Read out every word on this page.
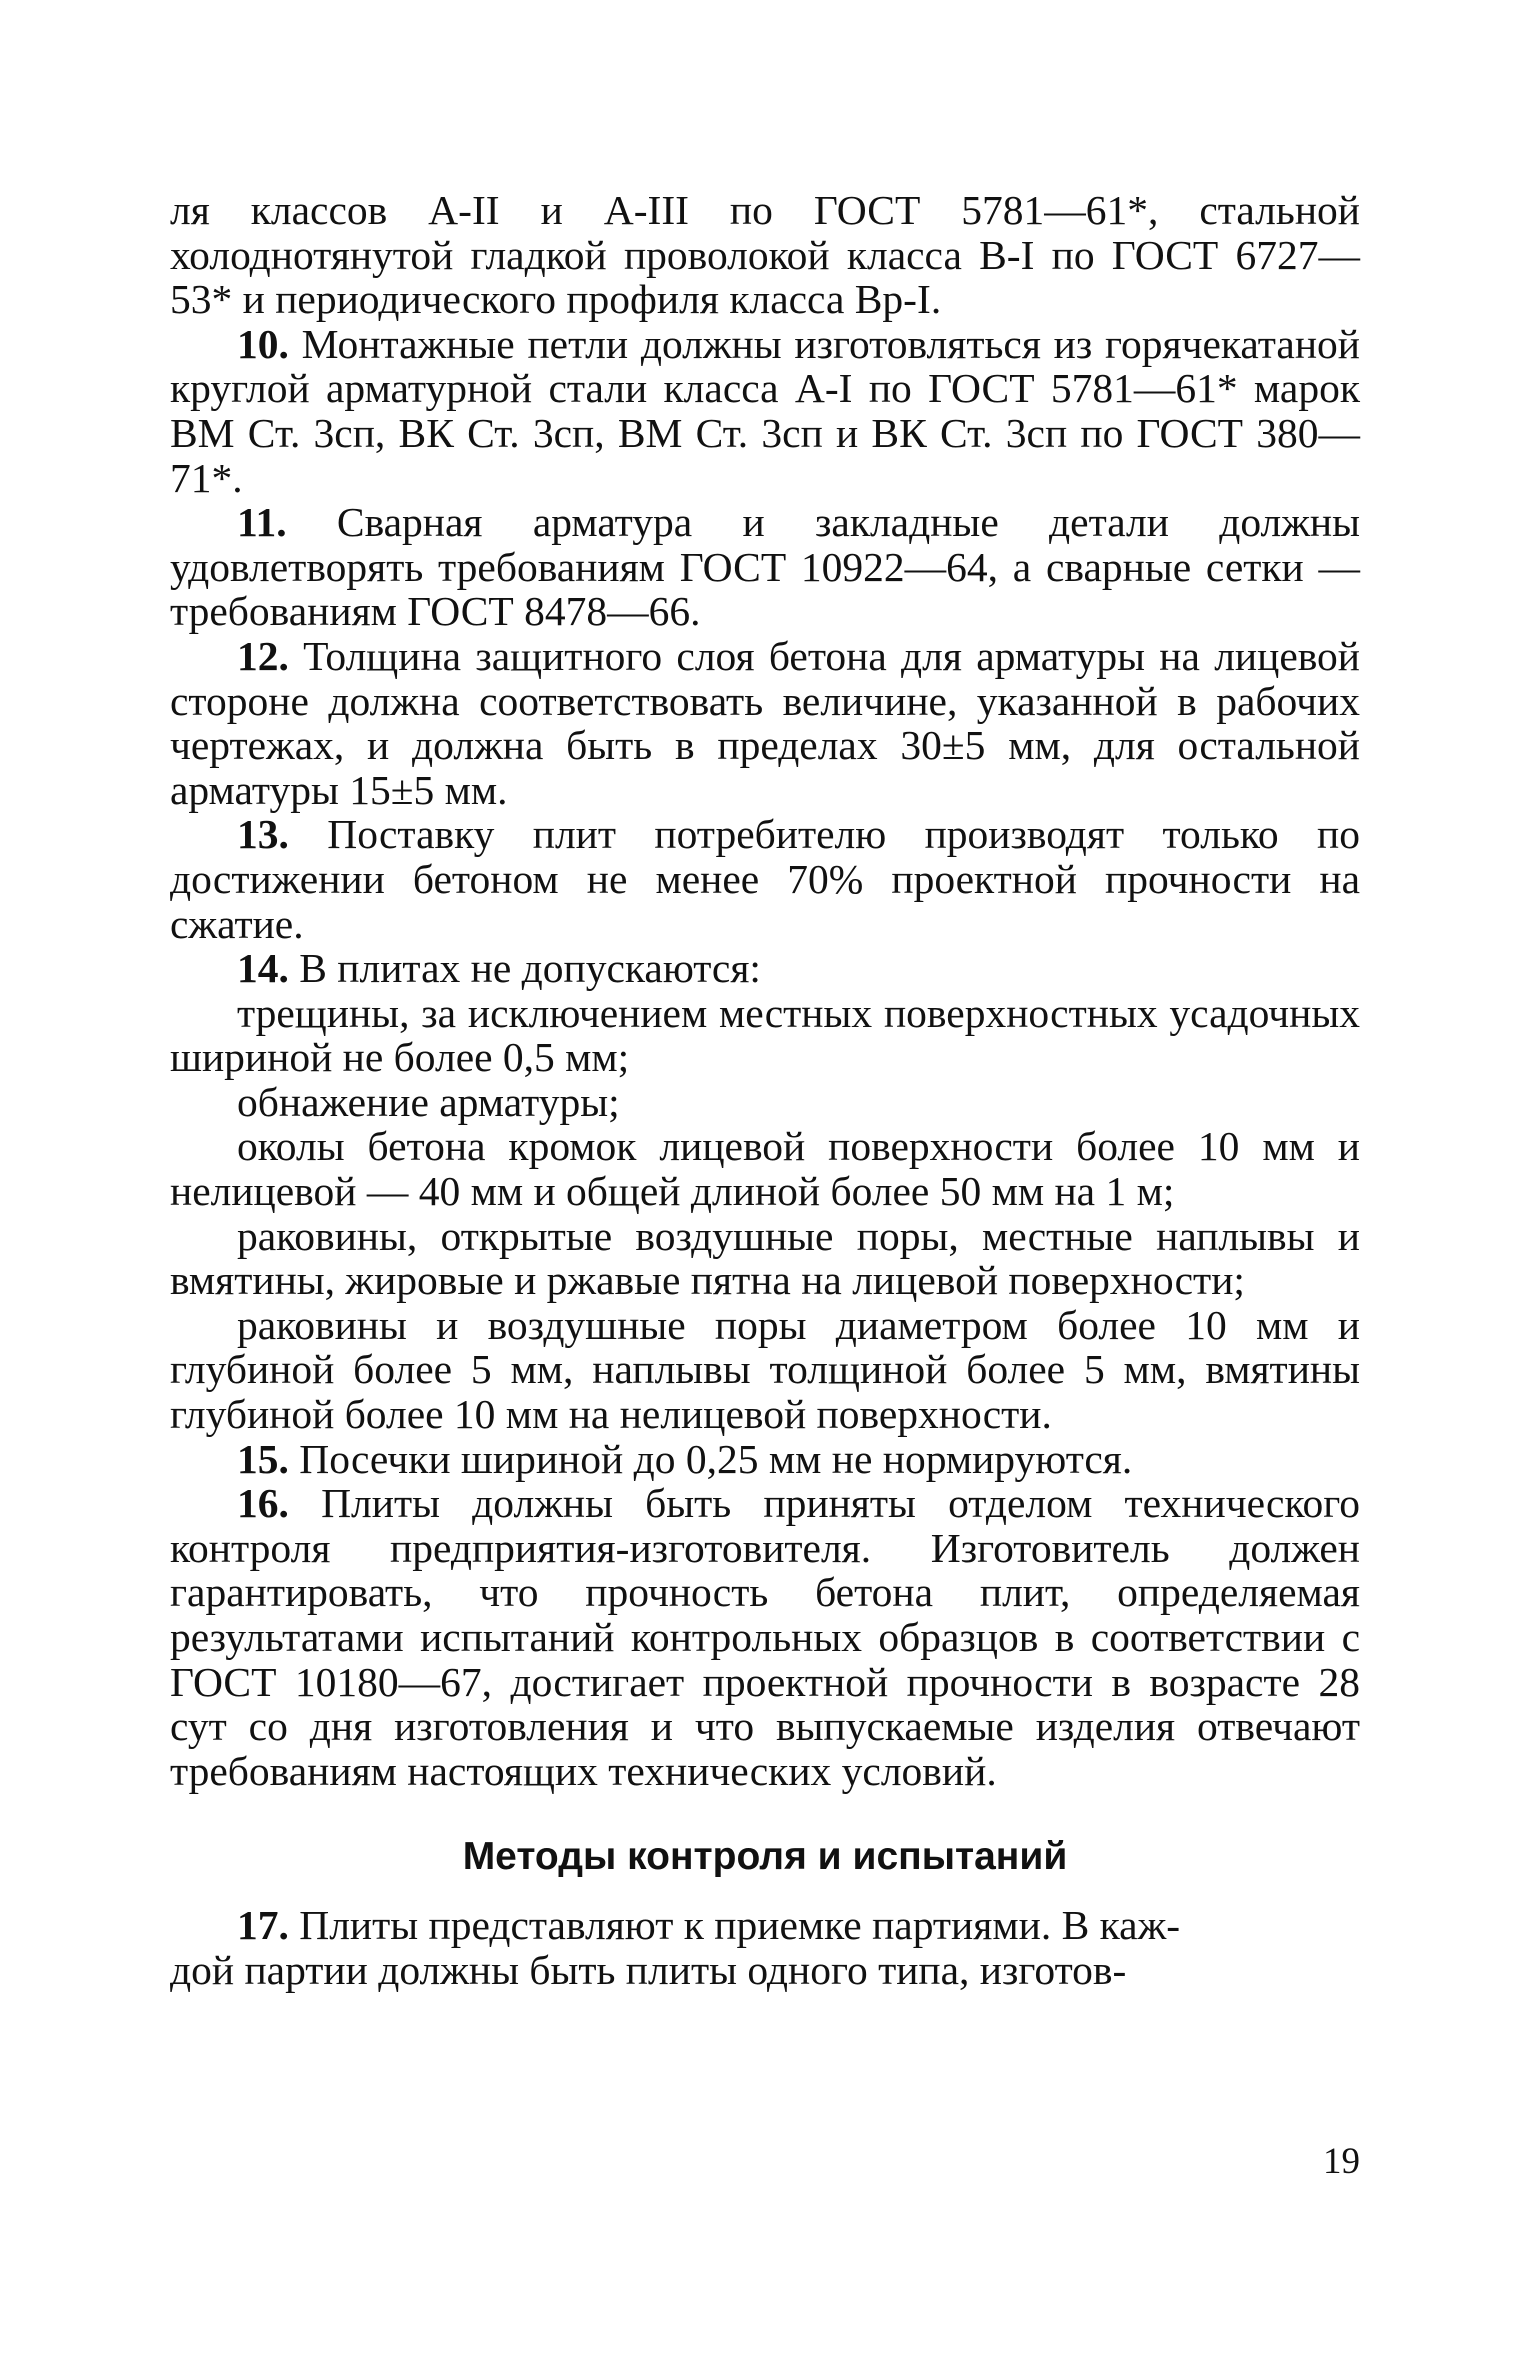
ля классов А-II и А-III по ГОСТ 5781—61*, стальной холоднотянутой гладкой проволокой класса В-I по ГОСТ 6727—53* и периодического профиля класса Вр-I.

10. Монтажные петли должны изготовляться из горячекатаной круглой арматурной стали класса А-I по ГОСТ 5781—61* марок ВМ Ст. 3сп, ВК Ст. 3сп, ВМ Ст. 3сп и ВК Ст. 3сп по ГОСТ 380—71*.

11. Сварная арматура и закладные детали должны удовлетворять требованиям ГОСТ 10922—64, а сварные сетки — требованиям ГОСТ 8478—66.

12. Толщина защитного слоя бетона для арматуры на лицевой стороне должна соответствовать величине, указанной в рабочих чертежах, и должна быть в пределах 30±5 мм, для остальной арматуры 15±5 мм.

13. Поставку плит потребителю производят только по достижении бетоном не менее 70% проектной прочности на сжатие.

14. В плитах не допускаются:

трещины, за исключением местных поверхностных усадочных шириной не более 0,5 мм;

обнажение арматуры;

околы бетона кромок лицевой поверхности более 10 мм и нелицевой — 40 мм и общей длиной более 50 мм на 1 м;

раковины, открытые воздушные поры, местные наплывы и вмятины, жировые и ржавые пятна на лицевой поверхности;

раковины и воздушные поры диаметром более 10 мм и глубиной более 5 мм, наплывы толщиной более 5 мм, вмятины глубиной более 10 мм на нелицевой поверхности.

15. Посечки шириной до 0,25 мм не нормируются.

16. Плиты должны быть приняты отделом технического контроля предприятия-изготовителя. Изготовитель должен гарантировать, что прочность бетона плит, определяемая результатами испытаний контрольных образцов в соответствии с ГОСТ 10180—67, достигает проектной прочности в возрасте 28 сут со дня изготовления и что выпускаемые изделия отвечают требованиям настоящих технических условий.

Методы контроля и испытаний

17. Плиты представляют к приемке партиями. В каж-

дой партии должны быть плиты одного типа, изготов-

19
